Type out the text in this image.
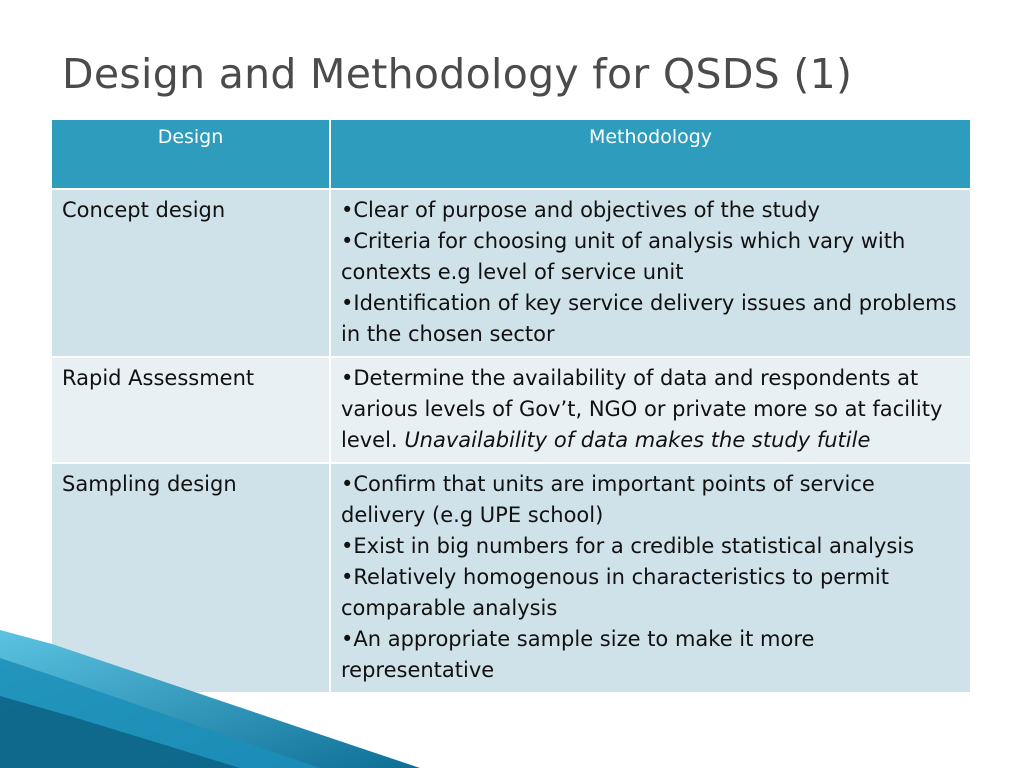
Design and Methodology for QSDS (1)
Design	Methodology
Concept design	•Clear of purpose and objectives of the study
•Criteria for choosing unit of analysis which vary with contexts e.g level of service unit
•Identification of key service delivery issues and problems in the chosen sector

Rapid Assessment	•Determine the availability of data and respondents at various levels of Gov’t, NGO or private more so at facility level. Unavailability of data makes the study futile
Sampling design	•Confirm that units are important points of service delivery (e.g UPE school)
•Exist in big numbers for a credible statistical analysis
•Relatively homogenous in characteristics to permit comparable analysis
•An appropriate sample size to make it more representative
